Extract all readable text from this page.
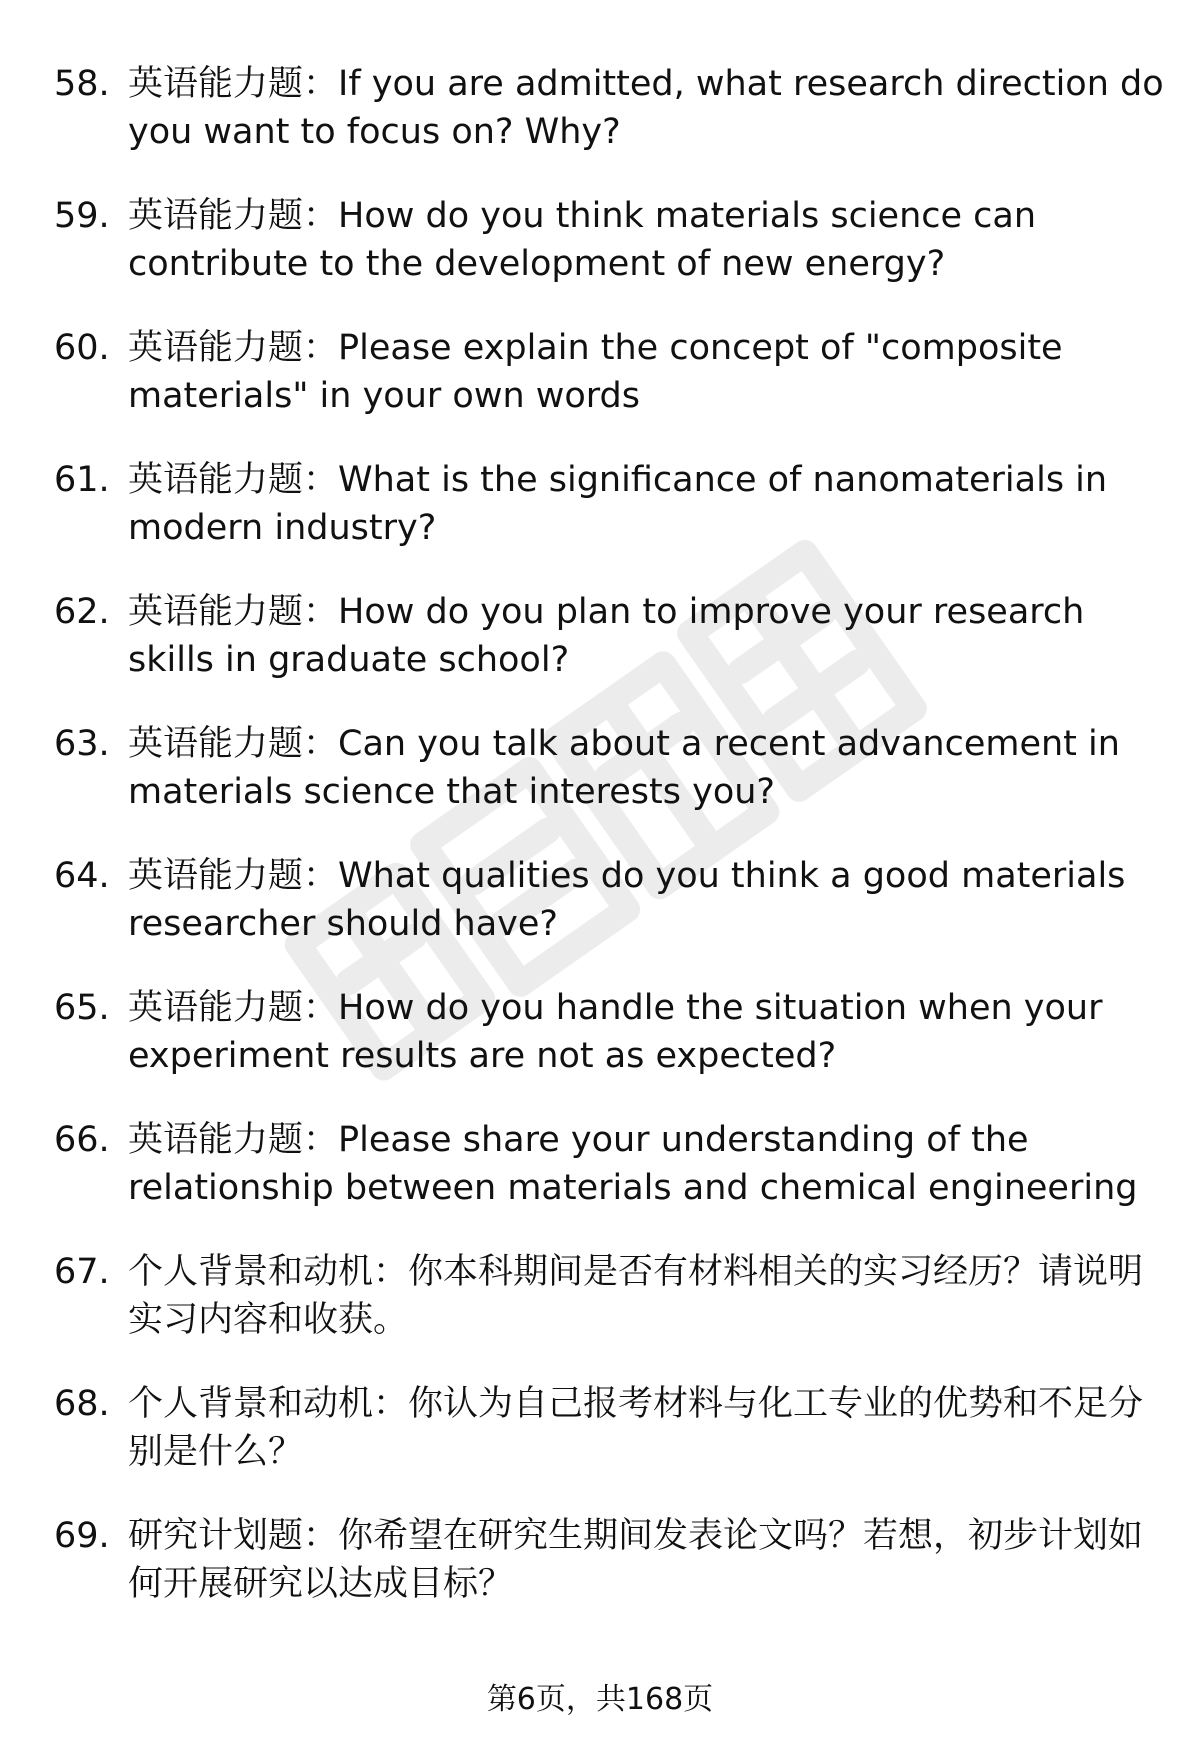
58. 英语能力题：If you are admitted, what research direction do you want to focus on? Why?
59. 英语能力题：How do you think materials science can contribute to the development of new energy?
60. 英语能力题：Please explain the concept of "composite materials" in your own words
61. 英语能力题：What is the significance of nanomaterials in modern industry?
62. 英语能力题：How do you plan to improve your research skills in graduate school?
63. 英语能力题：Can you talk about a recent advancement in materials science that interests you?
64. 英语能力题：What qualities do you think a good materials researcher should have?
65. 英语能力题：How do you handle the situation when your experiment results are not as expected?
66. 英语能力题：Please share your understanding of the relationship between materials and chemical engineering
67. 个人背景和动机：你本科期间是否有材料相关的实习经历？请说明实习内容和收获。
68. 个人背景和动机：你认为自己报考材料与化工专业的优势和不足分别是什么？
69. 研究计划题：你希望在研究生期间发表论文吗？若想，初步计划如何开展研究以达成目标？
第6页，共168页
